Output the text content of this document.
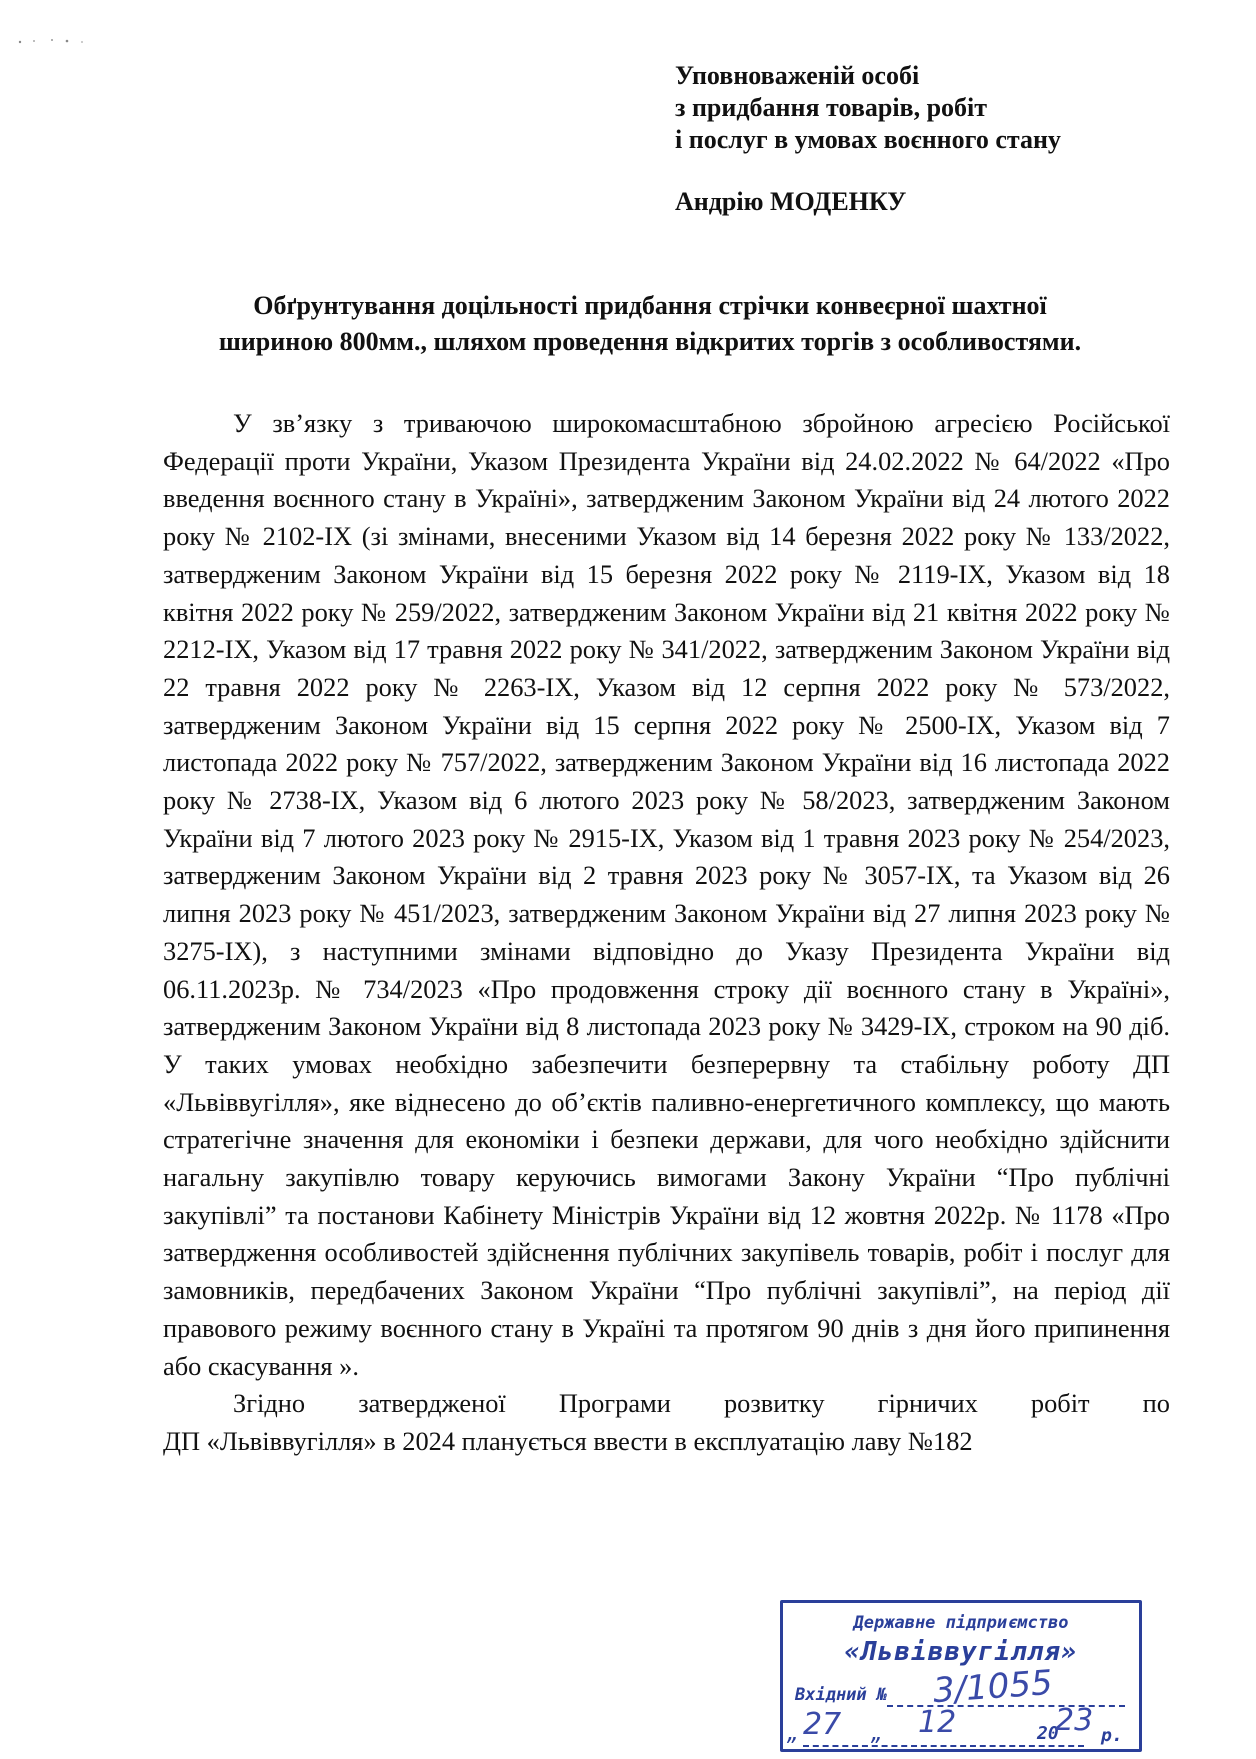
Уповноваженій особі
з придбання товарів, робіт
і послуг в умовах воєнного стану
Андрію МОДЕНКУ
Обґрунтування доцільності придбання стрічки конвеєрної шахтної
шириною 800мм., шляхом проведення відкритих торгів з особливостями.

У зв’язку з триваючою широкомасштабною збройною агресією Російської Федерації проти України, Указом Президента України від 24.02.2022 № 64/2022 «Про введення воєнного стану в Україні», затвердженим Законом України від 24 лютого 2022 року № 2102-IX (зі змінами, внесеними Указом від 14 березня 2022 року № 133/2022, затвердженим Законом України від 15 березня 2022 року № 2119-IX, Указом від 18 квітня 2022 року № 259/2022, затвердженим Законом України від 21 квітня 2022 року № 2212-IX, Указом від 17 травня 2022 року № 341/2022, затвердженим Законом України від 22 травня 2022 року № 2263-IX, Указом від 12 серпня 2022 року № 573/2022, затвердженим Законом України від 15 серпня 2022 року № 2500-IX, Указом від 7 листопада 2022 року № 757/2022, затвердженим Законом України від 16 листопада 2022 року № 2738-IX, Указом від 6 лютого 2023 року № 58/2023, затвердженим Законом України від 7 лютого 2023 року № 2915-IX, Указом від 1 травня 2023 року № 254/2023, затвердженим Законом України від 2 травня 2023 року № 3057-IX, та Указом від 26 липня 2023 року № 451/2023, затвердженим Законом України від 27 липня 2023 року № 3275-IX), з наступними змінами відповідно до Указу Президента України від 06.11.2023р. № 734/2023 «Про продовження строку дії воєнного стану в Україні», затвердженим Законом України від 8 листопада 2023 року № 3429-IX, строком на 90 діб. У таких умовах необхідно забезпечити безперервну та стабільну роботу ДП «Львіввугілля», яке віднесено до об’єктів паливно-енергетичного комплексу, що мають стратегічне значення для економіки і безпеки держави, для чого необхідно здійснити нагальну закупівлю товару керуючись вимогами Закону України “Про публічні закупівлі” та постанови Кабінету Міністрів України від 12 жовтня 2022р. № 1178 «Про затвердження особливостей здійснення публічних закупівель товарів, робіт і послуг для замовників, передбачених Законом України “Про публічні закупівлі”, на період дії правового режиму воєнного стану в Україні та протягом 90 днів з дня його припинення або скасування ».

Згідно затвердженої Програми розвитку гірничих робіт по

ДП «Львіввугілля» в 2024 планується ввести в експлуатацію лаву №182

Державне підприємство
«Львіввугілля»
Вхідний № 3/1055
„ 27 „ 12	20
23 р.
